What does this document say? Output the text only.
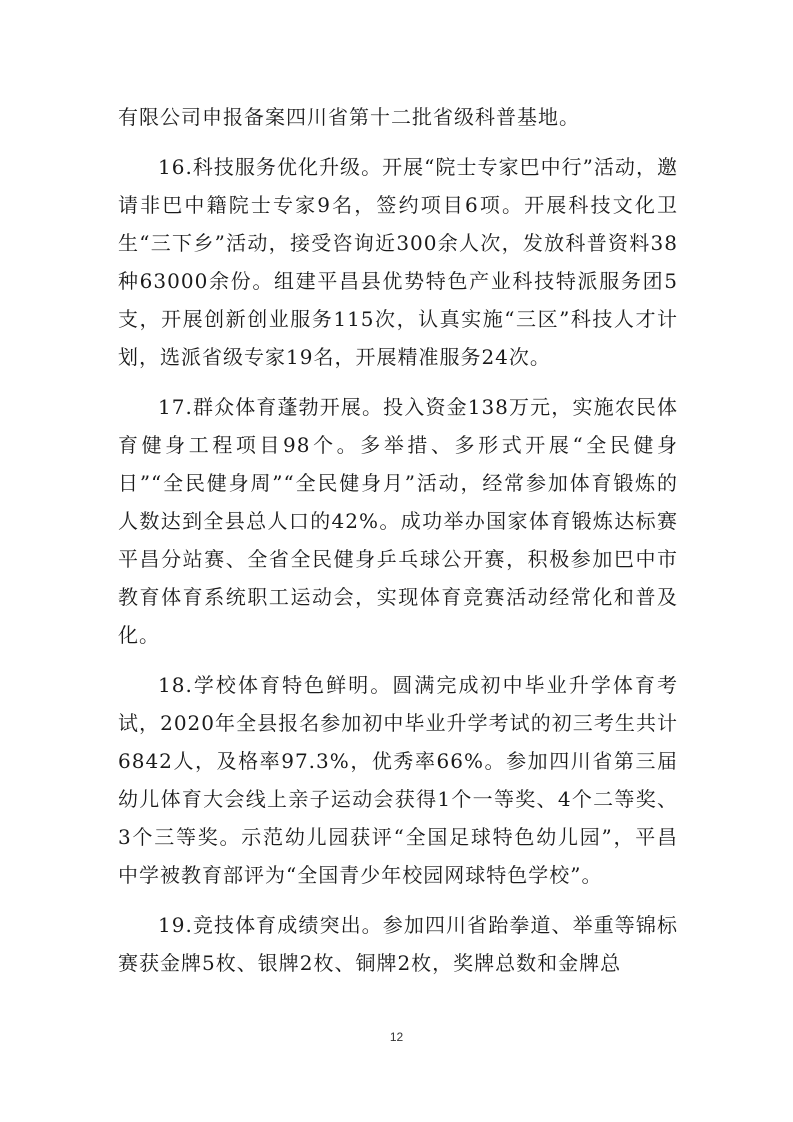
有限公司申报备案四川省第十二批省级科普基地。

16.科技服务优化升级。开展“院士专家巴中行”活动，邀请非巴中籍院士专家9名，签约项目6项。开展科技文化卫生“三下乡”活动，接受咨询近300余人次，发放科普资料38种63000余份。组建平昌县优势特色产业科技特派服务团5支，开展创新创业服务115次，认真实施“三区”科技人才计划，选派省级专家19名，开展精准服务24次。

17.群众体育蓬勃开展。投入资金138万元，实施农民体育健身工程项目98个。多举措、多形式开展“全民健身日”“全民健身周”“全民健身月”活动，经常参加体育锻炼的人数达到全县总人口的42%。成功举办国家体育锻炼达标赛平昌分站赛、全省全民健身乒乓球公开赛，积极参加巴中市教育体育系统职工运动会，实现体育竞赛活动经常化和普及化。

18.学校体育特色鲜明。圆满完成初中毕业升学体育考试，2020年全县报名参加初中毕业升学考试的初三考生共计6842人，及格率97.3%，优秀率66%。参加四川省第三届幼儿体育大会线上亲子运动会获得1个一等奖、4个二等奖、3个三等奖。示范幼儿园获评“全国足球特色幼儿园”，平昌中学被教育部评为“全国青少年校园网球特色学校”。

19.竞技体育成绩突出。参加四川省跆拳道、举重等锦标赛获金牌5枚、银牌2枚、铜牌2枚，奖牌总数和金牌总

12
